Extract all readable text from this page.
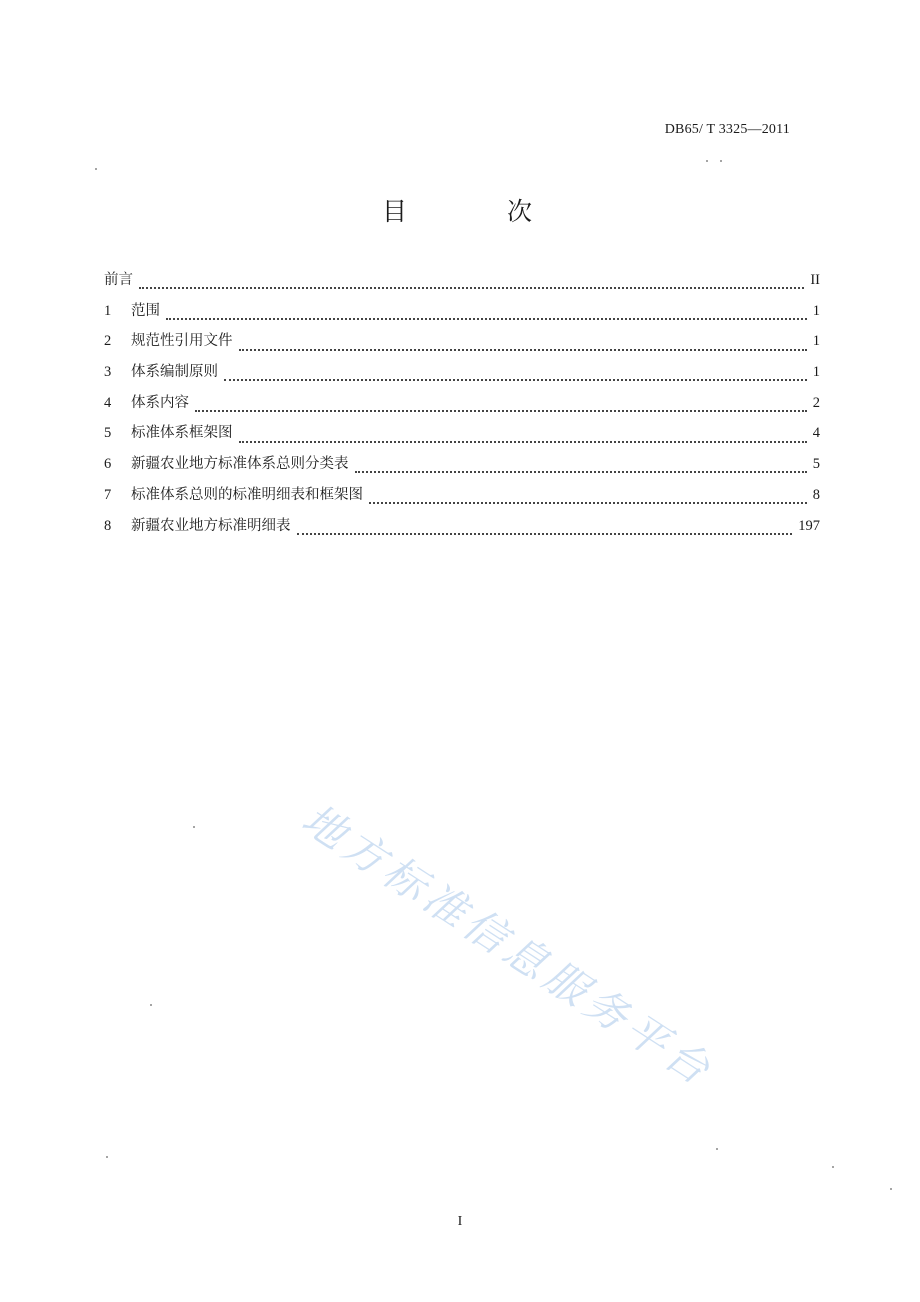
DB65/ T 3325—2011
目 次
前言	II
1	范围	1
2	规范性引用文件	1
3	体系编制原则	1
4	体系内容	2
5	标准体系框架图	4
6	新疆农业地方标准体系总则分类表	5
7	标准体系总则的标准明细表和框架图	8
8	新疆农业地方标准明细表	197
地方标准信息服务平台
I
